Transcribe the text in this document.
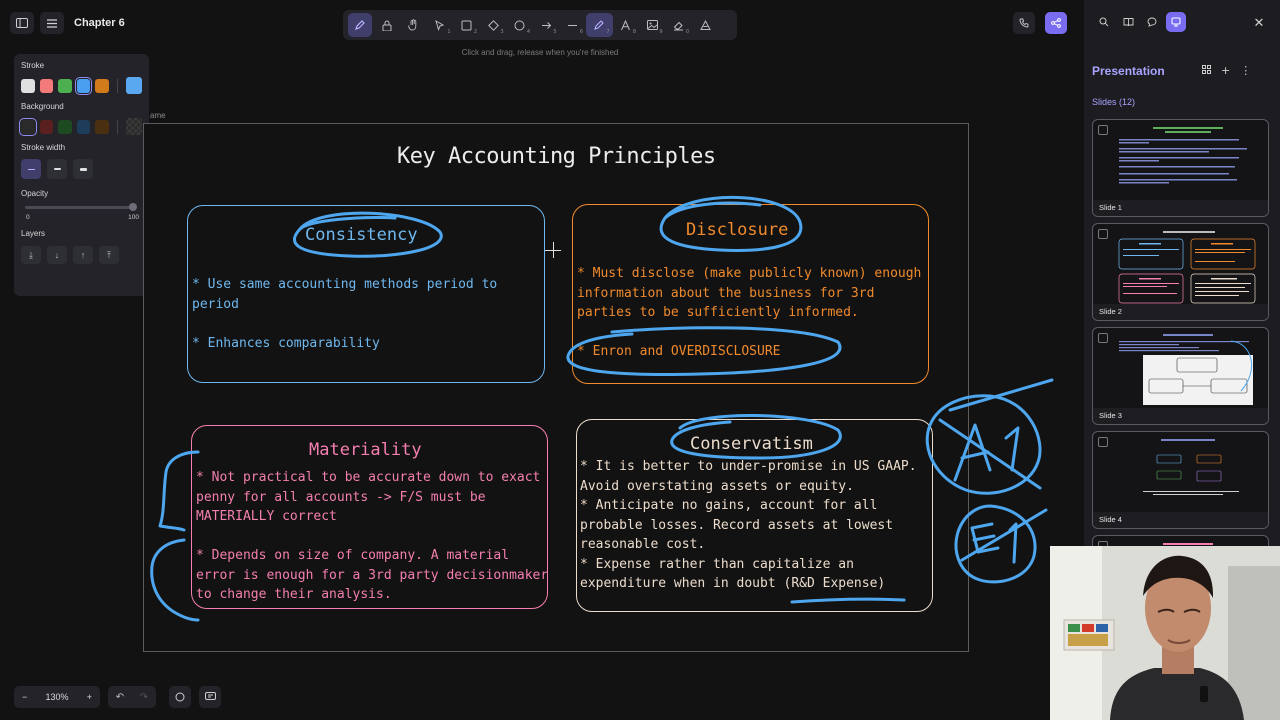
Chapter 6
1	2	3	4	5	6	7	8	9	0
Click and drag, release when you're finished
Stroke
Background
Stroke width
Opacity
0	100
Layers
⤓	↓	↑	⤒
ame
Key Accounting Principles
Consistency
* Use same accounting methods period to
period

* Enhances comparability
Disclosure
* Must disclose (make publicly known) enough
information about the business for 3rd
parties to be sufficiently informed.

* Enron and OVERDISCLOSURE
Materiality
* Not practical to be accurate down to exact
penny for all accounts -> F/S must be
MATERIALLY correct

* Depends on size of company. A material
error is enough for a 3rd party decisionmaker
to change their analysis.
Conservatism
* It is better to under-promise in US GAAP.
Avoid overstating assets or equity.
* Anticipate no gains, account for all
probable losses. Record assets at lowest
reasonable cost.
* Expense rather than capitalize an
expenditure when in doubt (R&D Expense)
− 130% + ↶ ↷
✕
Presentation	+ ⋮
Slides (12)
Slide 1
Slide 2
Slide 3
Slide 4
